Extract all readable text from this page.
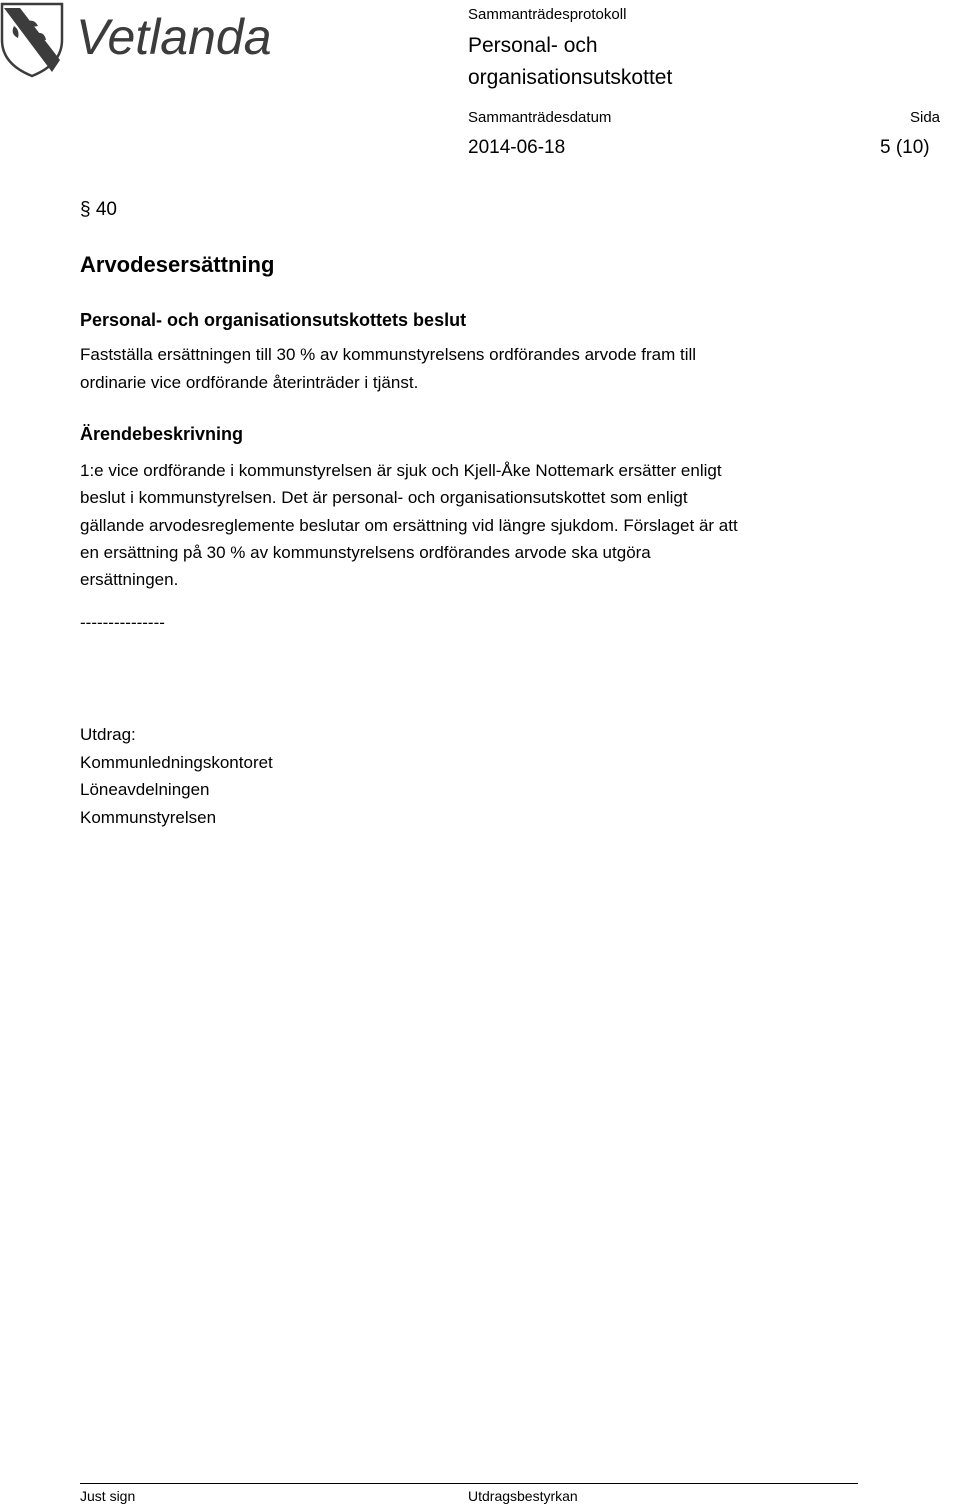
Vetlanda	Sammanträdesprotokoll
Personal- och
organisationsutskottet
Sammanträdesdatum	Sida
2014-06-18	5 (10)
§ 40
Arvodesersättning
Personal- och organisationsutskottets beslut
Fastställa ersättningen till 30 % av kommunstyrelsens ordförandes arvode fram till
ordinarie vice ordförande återinträder i tjänst.
Ärendebeskrivning
1:e vice ordförande i kommunstyrelsen är sjuk och Kjell-Åke Nottemark ersätter enligt
beslut i kommunstyrelsen. Det är personal- och organisationsutskottet som enligt
gällande arvodesreglemente beslutar om ersättning vid längre sjukdom. Förslaget är att
en ersättning på 30 % av kommunstyrelsens ordförandes arvode ska utgöra
ersättningen.
---------------
Utdrag:
Kommunledningskontoret
Löneavdelningen
Kommunstyrelsen
Just sign	Utdragsbestyrkan
